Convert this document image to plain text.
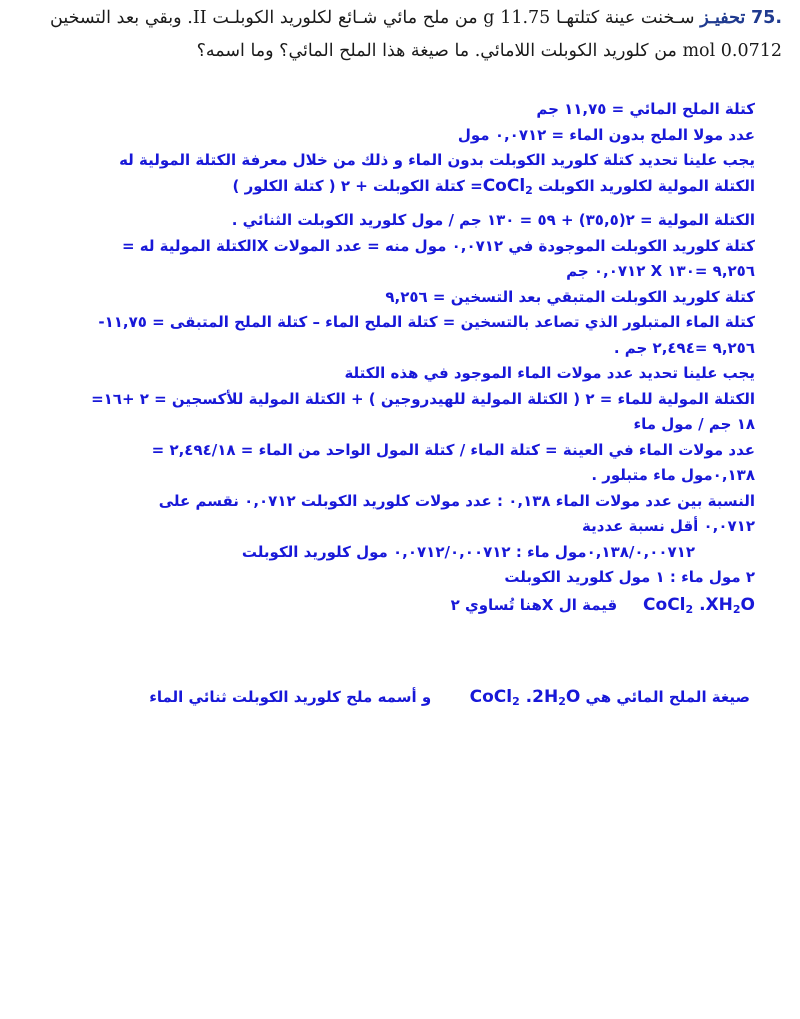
.75 تحفيـز سـخنت عينة كتلتهـا 11.75 g من ملح مائي شـائع لكلوريد الكوبلـت II. وبقي بعد التسخين 0.0712 mol من كلوريد الكوبلت اللامائي. ما صيغة هذا الملح المائي؟ وما اسمه؟
كتلة الملح المائي = ١١,٧٥ جم
عدد مولا الملح بدون الماء = ٠,٠٧١٢ مول
يجب علينا تحديد كتلة كلوريد الكوبلت بدون الماء و ذلك من خلال معرفة الكتلة المولية له
الكتلة المولية لكلوريد الكوبلت CoCl$_2$= كتلة الكوبلت + ٢ ( كتلة الكلور )
الكتلة المولية = ٢(٣٥,٥) + ٥٩ = ١٣٠ جم / مول كلوريد الكوبلت الثنائي .
كتلة كلوريد الكوبلت الموجودة في ٠,٠٧١٢ مول منه = عدد المولات Xالكتلة المولية له =
٩,٢٥٦ =١٣٠ X ٠,٠٧١٢ جم
كتلة كلوريد الكوبلت المتبقي بعد التسخين = ٩,٢٥٦
كتلة الماء المتبلور الذي تصاعد بالتسخين = كتلة الملح الماء – كتلة الملح المتبقى = ١١,٧٥-
٩,٢٥٦ =٢,٤٩٤ جم .
يجب علينا تحديد عدد مولات الماء الموجود في هذه الكتلة
الكتلة المولية للماء = ٢ ( الكتلة المولية للهيدروجين ) + الكتلة المولية للأكسجين = ٢ +١٦=
١٨ جم / مول ماء
عدد مولات الماء في العينة = كتلة الماء / كتلة المول الواحد من الماء = ٢,٤٩٤/١٨ =
٠,١٣٨مول ماء متبلور .
النسبة بين عدد مولات الماء ٠,١٣٨ : عدد مولات كلوريد الكوبلت ٠,٠٧١٢ نقسم على
٠,٠٧١٢ أقل نسبة عددية
٠,١٣٨/٠,٠٠٧١٢مول ماء : ٠,٠٧١٢/٠,٠٠٧١٢ مول كلوريد الكوبلت
٢ مول ماء : ١ مول كلوريد الكوبلت
CoCl$_2$ $.XH_2O$  قيمة ال Xهنا تُساوي ٢
صيغة الملح المائي هي CoCl$_2$ $.2H_2O$  و أسمه ملح كلوريد الكوبلت ثنائي الماء
